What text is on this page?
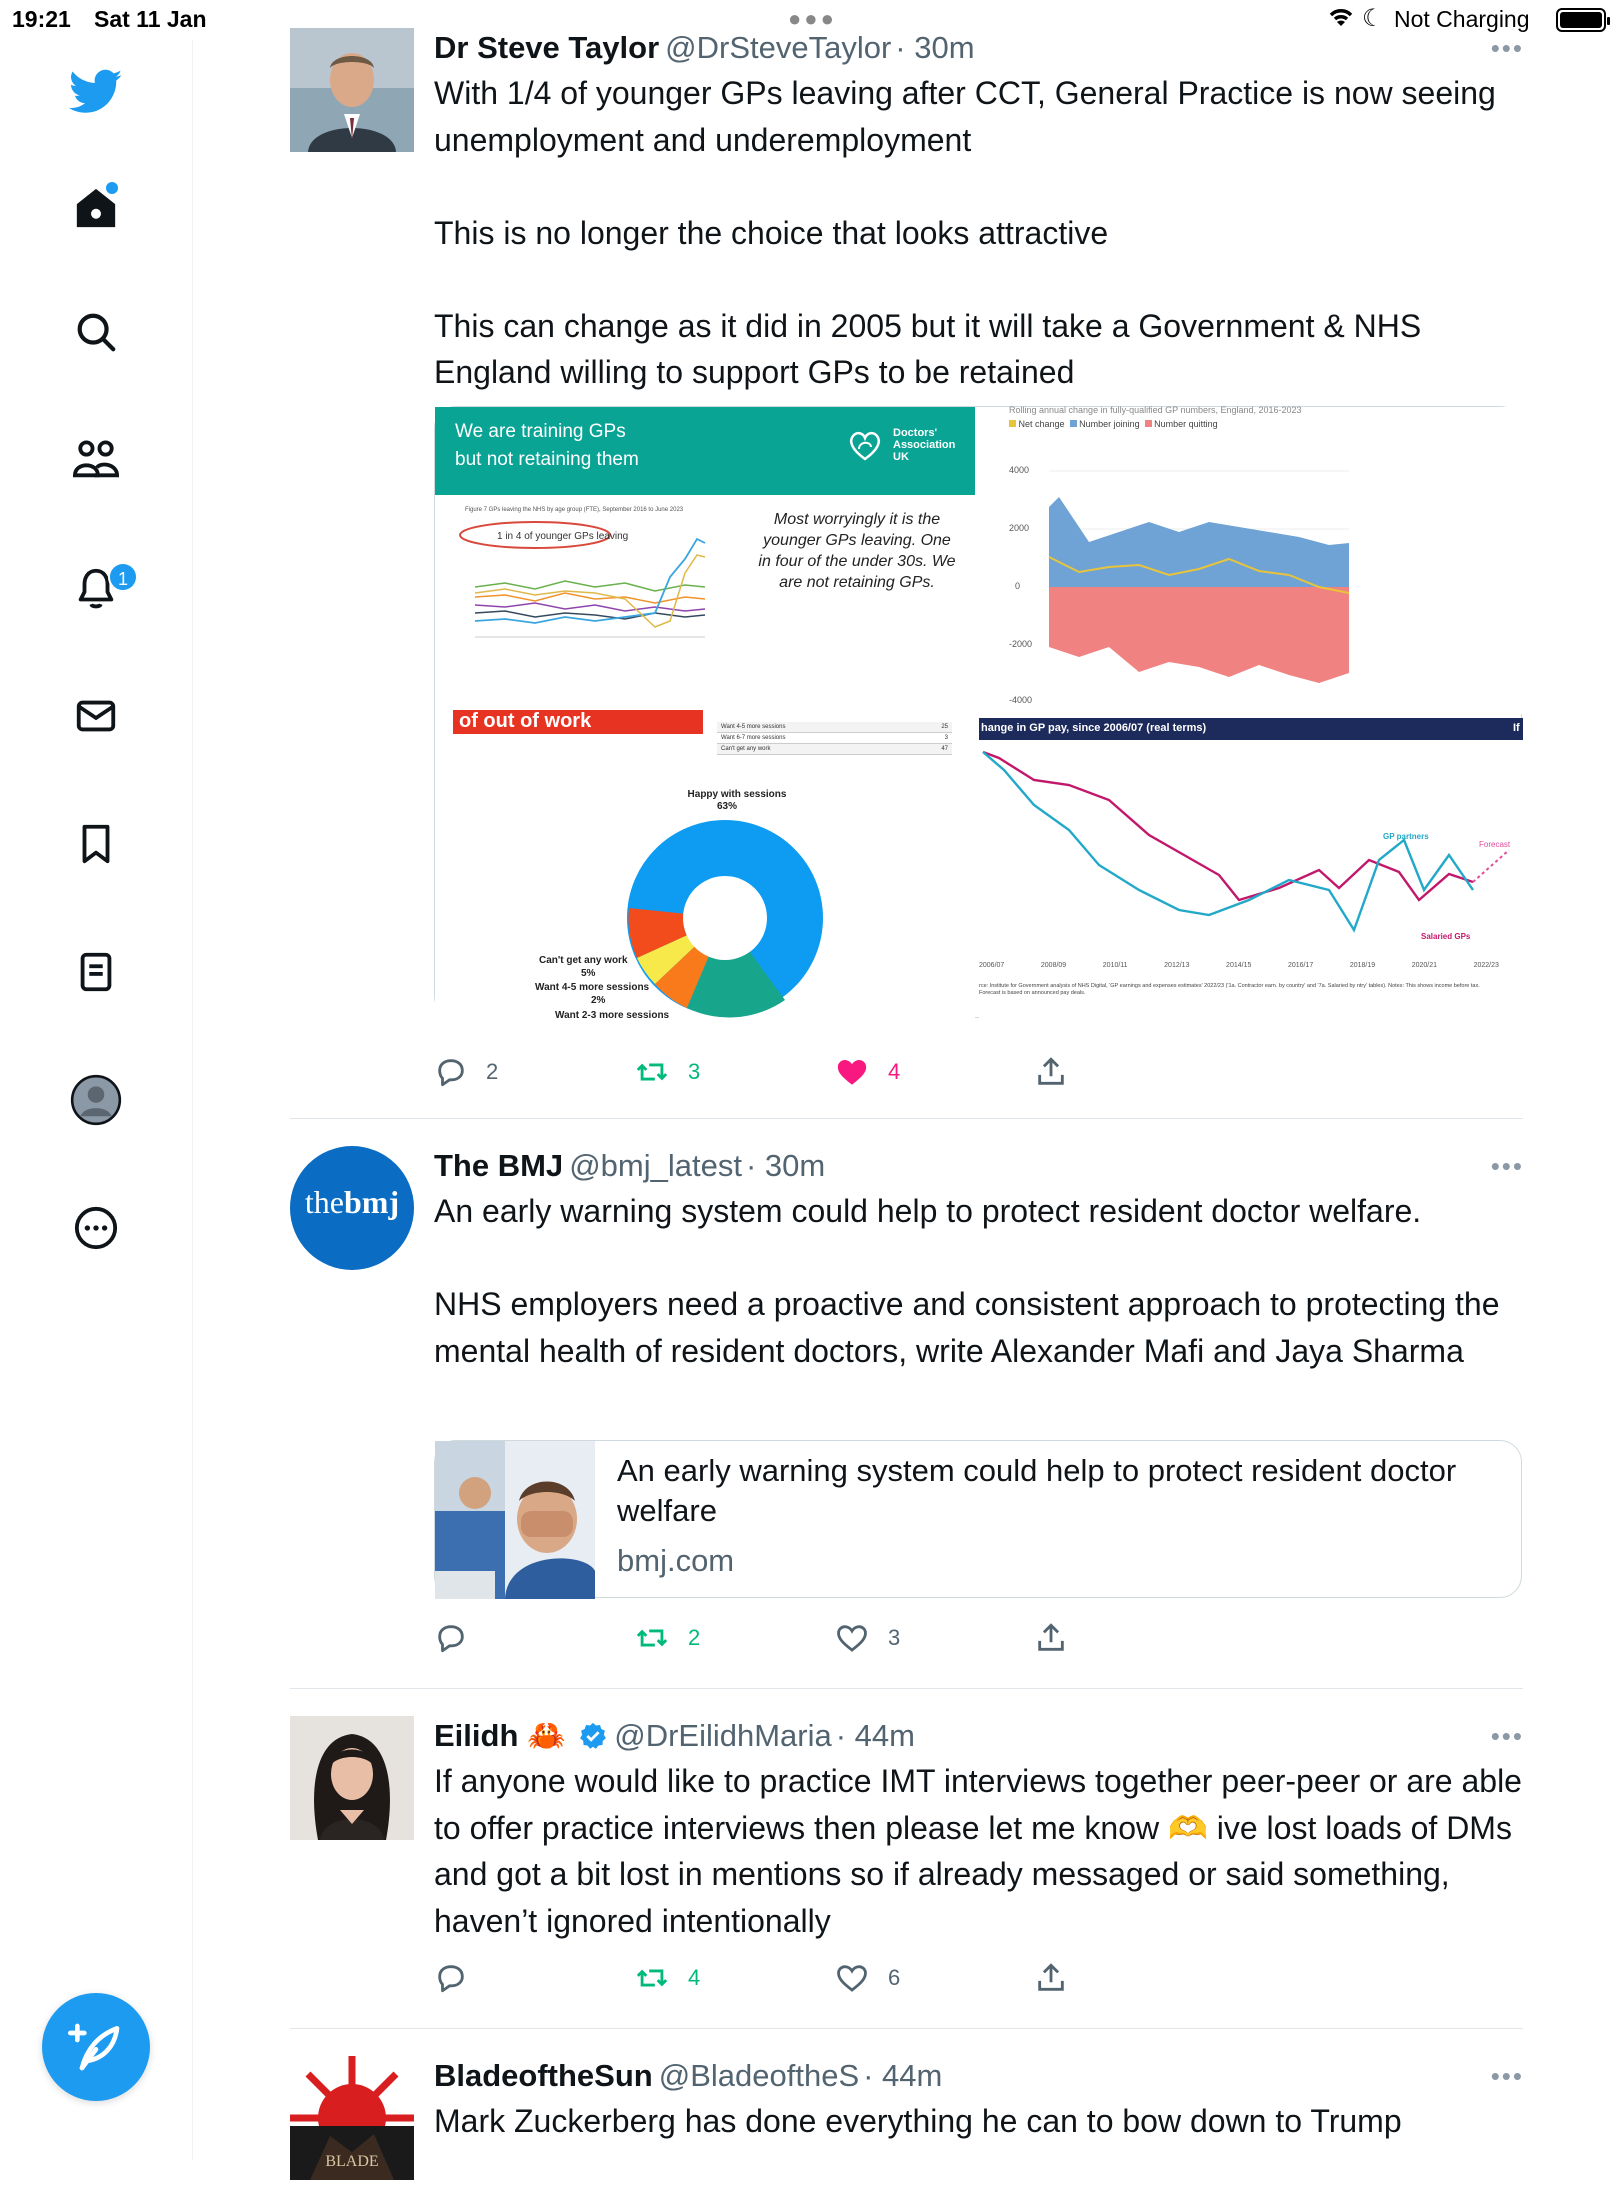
19:21 Sat 11 Jan	●●●	☾ Not Charging
1
Dr Steve Taylor @DrSteveTaylor · 30m	•••
With 1/4 of younger GPs leaving after CCT, General Practice is now seeing unemployment and underemployment

This is no longer the choice that looks attractive

This can change as it did in 2005 but it will take a Government & NHS England willing to support GPs to be retained
We are training GPs
but not retaining them
Doctors'
Association
UK
Figure 7 GPs leaving the NHS by age group (FTE), September 2016 to June 2023
1 in 4 of younger GPs leaving
Most worryingly it is the younger GPs leaving. One in four of the under 30s. We are not retaining GPs.
Rolling annual change in fully-qualified GP numbers, England, 2016-2023
Net change Number joining Number quitting
4000
2000
0
-2000
-4000
of out of work	Want 4-5 more sessions	25
Want 6-7 more sessions	3
Can't get any work	47
Happy with sessions
63%
Can't get any work
5%
Want 4-5 more sessions
2%
Want 2-3 more sessions
hange in GP pay, since 2006/07 (real terms)	If
GP partners
Forecast
Salaried GPs
2006/07	2008/09	2010/11	2012/13	2014/15	2016/17	2018/19	2020/21	2022/23
rce: Institute for Government analysis of NHS Digital, 'GP earnings and expenses estimates' 2022/23 ('1a. Contractor earn. by country' and '7a. Salaried by ntry' tables). Notes: This shows income before tax. Forecast is based on announced pay deals.
2	3	4
thebmj
The BMJ @bmj_latest · 30m	•••
An early warning system could help to protect resident doctor welfare.

NHS employers need a proactive and consistent approach to protecting the mental health of resident doctors, write Alexander Mafi and Jaya Sharma
An early warning system could help to protect resident doctor welfare
bmj.com
2	3
Eilidh 🦀 @DrEilidhMaria · 44m	•••
If anyone would like to practice IMT interviews together peer-peer or are able to offer practice interviews then please let me know 🫶 ive lost loads of DMs and got a bit lost in mentions so if already messaged or said something, haven’t ignored intentionally
4	6
BLADE
BladeoftheSun @BladeoftheS · 44m	•••
Mark Zuckerberg has done everything he can to bow down to Trump
